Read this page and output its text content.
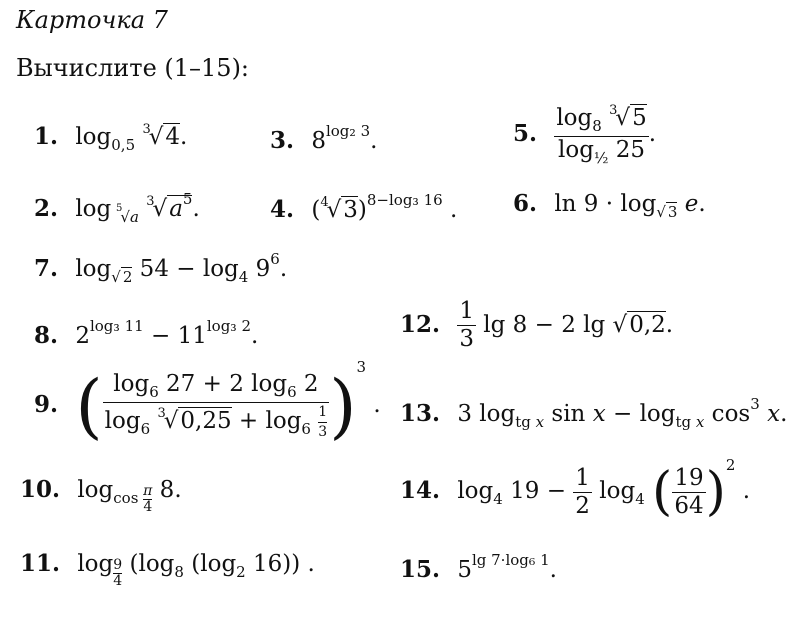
Карточка 7
Вычислите (1–15):
1. $\log_{0,5} ^3√4$.	3. $8^{log_2 3}$.	5. $\frac{\log_8 ^3√5}{\log_{\frac{1}{2}} 25}$ .
2. log $_{^5√a}$ $^3√a^5$.	4. $(^4√3)^{8-log_3 16}$ . 6. $\ln 9 \cdot \log_{√ 3} e$.
7. $\log_{√ 2} 54 - \log_4 9^6$.
8. $2^{log_3 11} - 11^{log_3 2}$.	12. $\frac{1}{3}$ lg 8 − 2 lg √0,2.
9. ( $\frac{\log_6 27 + 2 \log_6 2}{\log_6 ^3√0,25 + \log_6 \frac{1}{3}} )^3$ . 13. 3 $\log_{tg x} \sin x - \log_{tg x} \cos^3 x$.
10. $\log_{cos \frac{\pi}{4}} 8$.	14. $\log_4 19 - \frac{1}{2} \log_4$ ( $\frac{19}{64} )^2$ .
11. log $_{\frac{9}{4}}$ ($\log_8$ ($\log_2$ 16)) .	15. $5^{lg 7\cdot log_6 1}$.
